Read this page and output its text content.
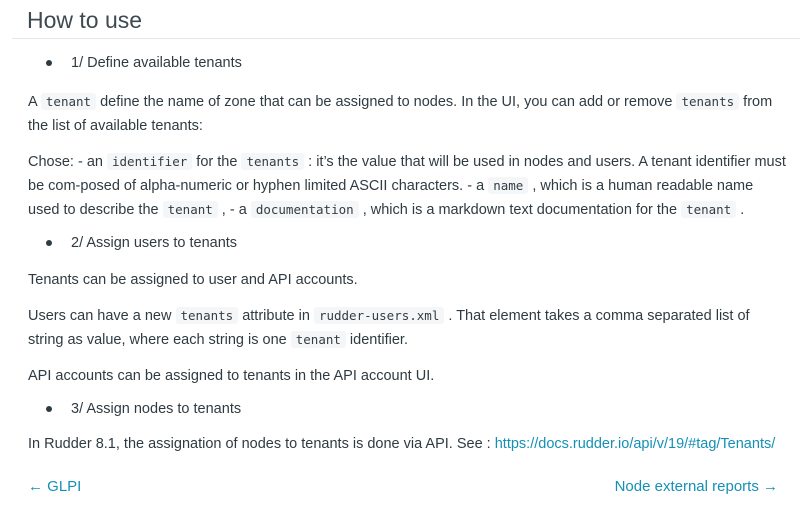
How to use
1/ Define available tenants

A tenant define the name of zone that can be assigned to nodes. In the UI, you can add or remove tenants from the list of available tenants:

Chose: - an identifier for the tenants : it’s the value that will be used in nodes and users. A tenant identifier must be com-posed of alpha-numeric or hyphen limited ASCII characters. - a name , which is a human readable name used to describe the tenant , - a documentation , which is a markdown text documentation for the tenant .

2/ Assign users to tenants

Tenants can be assigned to user and API accounts.

Users can have a new tenants attribute in rudder-users.xml . That element takes a comma separated list of string as value, where each string is one tenant identifier.

API accounts can be assigned to tenants in the API account UI.

3/ Assign nodes to tenants

In Rudder 8.1, the assignation of nodes to tenants is done via API. See : https://docs.rudder.io/api/v/19/#tag/Tenants/

← GLPI	Node external reports →
